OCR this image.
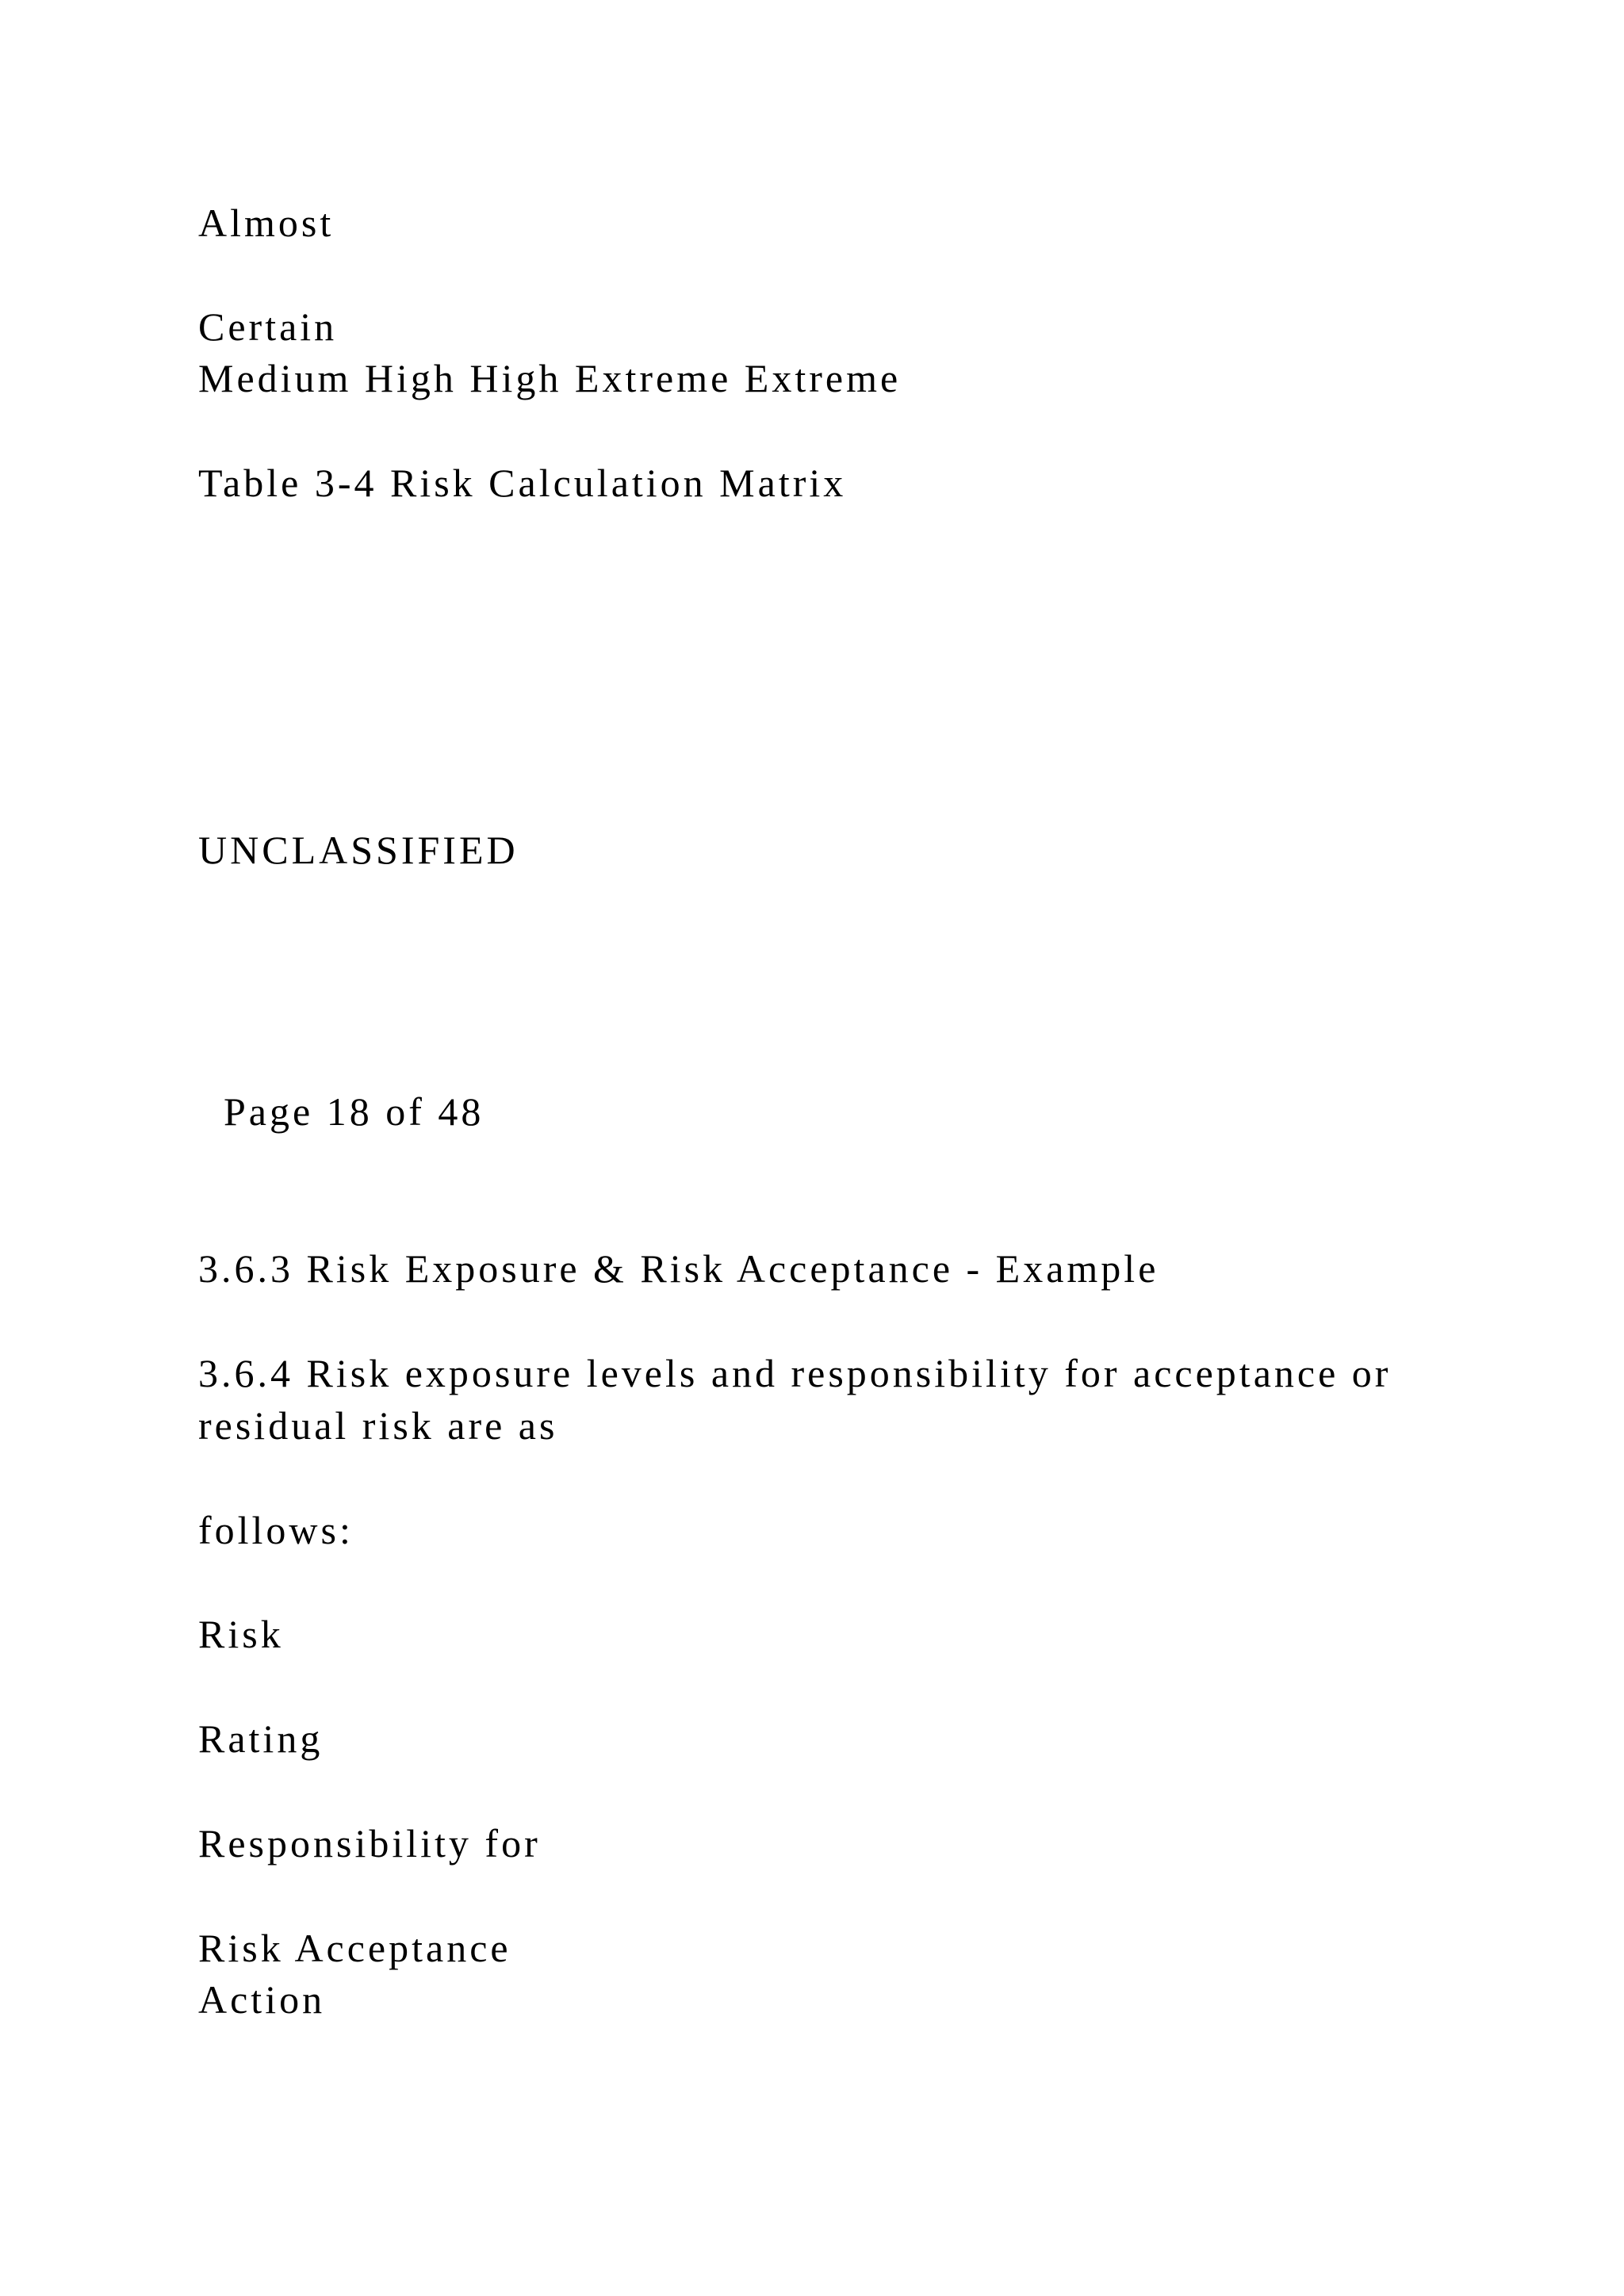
Almost
Certain
Medium High High Extreme Extreme
Table 3-4 Risk Calculation Matrix
UNCLASSIFIED
Page 18 of 48
3.6.3 Risk Exposure & Risk Acceptance - Example
3.6.4 Risk exposure levels and responsibility for acceptance or
residual risk are as
follows:
Risk
Rating
Responsibility for
Risk Acceptance
Action
